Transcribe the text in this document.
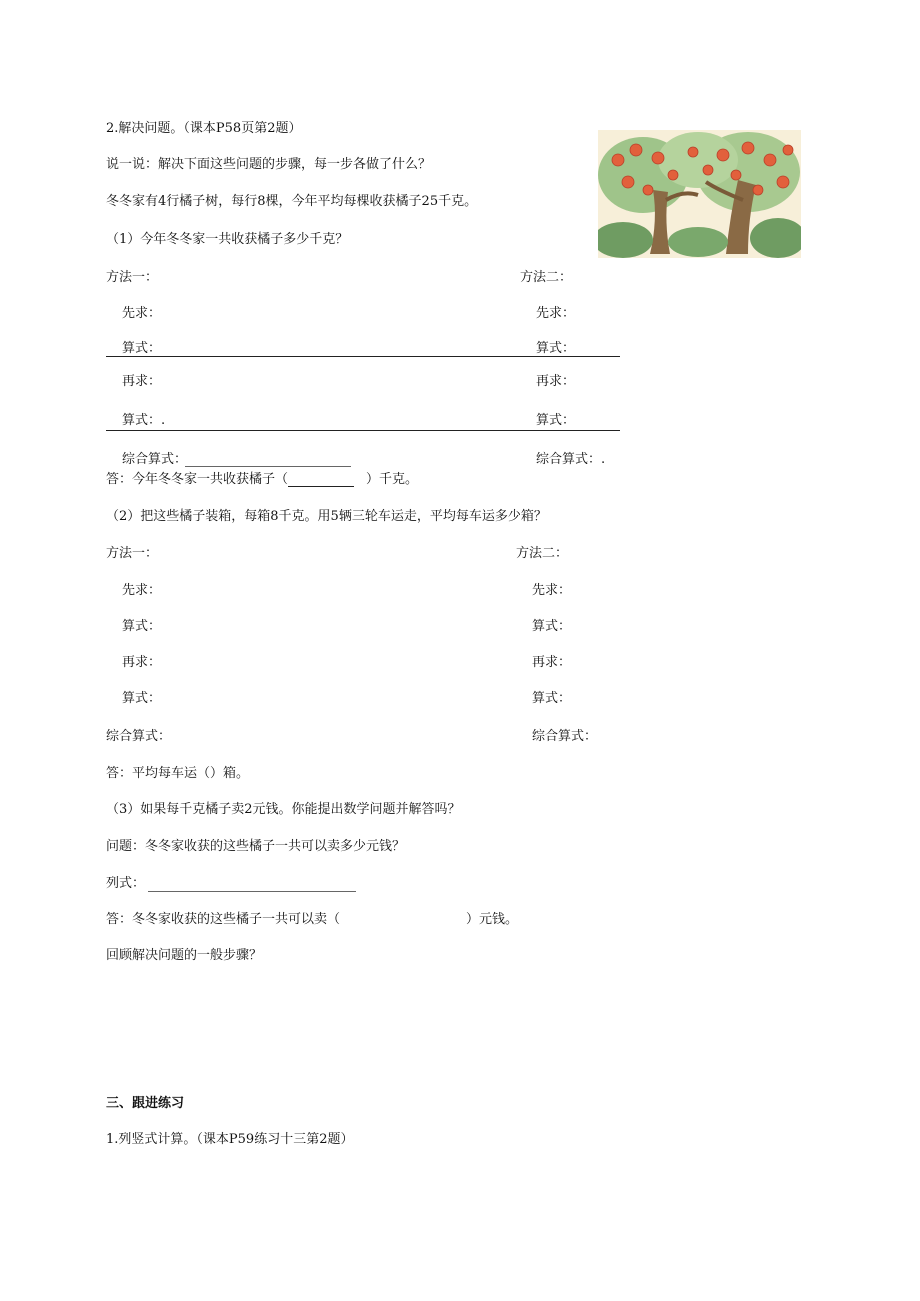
2.解决问题。（课本P58页第2题）
说一说：解决下面这些问题的步骤，每一步各做了什么？
冬冬家有4行橘子树，每行8棵，今年平均每棵收获橘子25千克。
（1）今年冬冬家一共收获橘子多少千克？
方法一：	方法二：
先求：	先求：
算式：	算式：
再求：	再求：
算式：.	算式：
综合算式：	综合算式：.
答：今年冬冬家一共收获橘子（	）千克。
（2）把这些橘子装箱，每箱8千克。用5辆三轮车运走，平均每车运多少箱？
方法一：	方法二：
先求：	先求：
算式：	算式：
再求：	再求：
算式：	算式：
综合算式：	综合算式：
答：平均每车运（）箱。
（3）如果每千克橘子卖2元钱。你能提出数学问题并解答吗？
问题：冬冬家收获的这些橘子一共可以卖多少元钱？
列式：
答：冬冬家收获的这些橘子一共可以卖（	）元钱。
回顾解决问题的一般步骤？
三、跟进练习
1.列竖式计算。（课本P59练习十三第2题）
